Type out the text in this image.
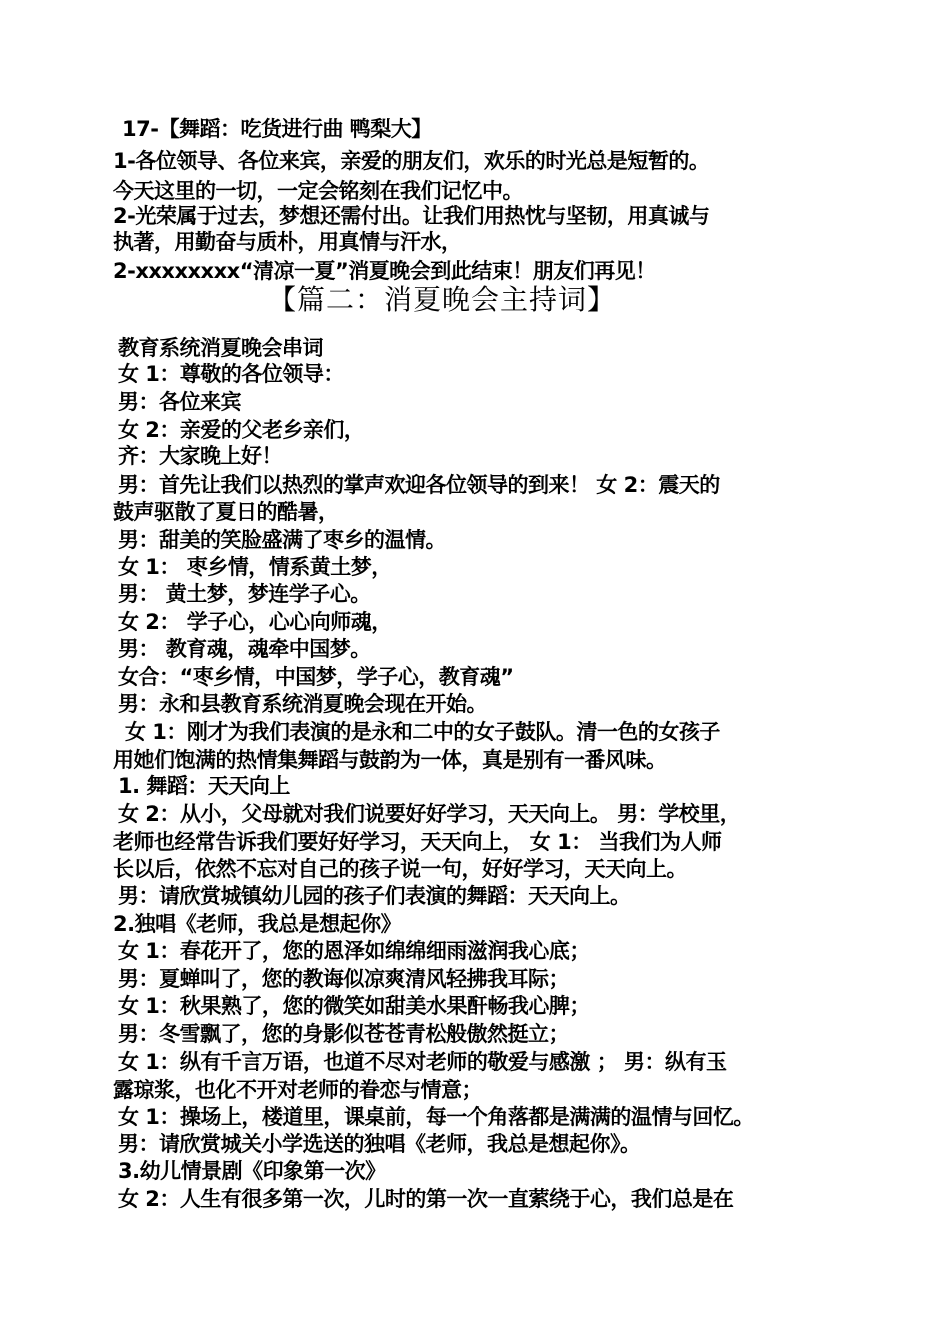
17-【舞蹈：吃货进行曲 鸭梨大】
1-各位领导、各位来宾，亲爱的朋友们，欢乐的时光总是短暂的。
今天这里的一切，一定会铭刻在我们记忆中。
2-光荣属于过去，梦想还需付出。让我们用热忱与坚韧，用真诚与
执著，用勤奋与质朴，用真情与汗水，
2-xxxxxxxx“清凉一夏”消夏晚会到此结束！朋友们再见！
【篇二：消夏晚会主持词】
教育系统消夏晚会串词
女 1：尊敬的各位领导：
男：各位来宾
女 2：亲爱的父老乡亲们，
齐：大家晚上好！
男：首先让我们以热烈的掌声欢迎各位领导的到来！ 女 2：震天的
鼓声驱散了夏日的酷暑，
男：甜美的笑脸盛满了枣乡的温情。
女 1： 枣乡情，情系黄土梦，
男： 黄土梦，梦连学子心。
女 2： 学子心，心心向师魂，
男： 教育魂，魂牵中国梦。
女合：“枣乡情，中国梦，学子心，教育魂”
男：永和县教育系统消夏晚会现在开始。
女 1：刚才为我们表演的是永和二中的女子鼓队。清一色的女孩子
用她们饱满的热情集舞蹈与鼓韵为一体，真是别有一番风味。
1. 舞蹈：天天向上
女 2：从小，父母就对我们说要好好学习，天天向上。 男：学校里，
老师也经常告诉我们要好好学习，天天向上， 女 1： 当我们为人师
长以后，依然不忘对自己的孩子说一句，好好学习，天天向上。
男：请欣赏城镇幼儿园的孩子们表演的舞蹈：天天向上。
2.独唱《老师，我总是想起你》
女 1：春花开了，您的恩泽如绵绵细雨滋润我心底；
男：夏蝉叫了，您的教诲似凉爽清风轻拂我耳际；
女 1：秋果熟了，您的微笑如甜美水果酐畅我心脾；
男：冬雪飘了，您的身影似苍苍青松般傲然挺立；
女 1：纵有千言万语，也道不尽对老师的敬爱与感激 ； 男：纵有玉
露琼浆，也化不开对老师的眷恋与情意；
女 1：操场上，楼道里，课桌前，每一个角落都是满满的温情与回忆。
男：请欣赏城关小学选送的独唱《老师，我总是想起你》。
3.幼儿情景剧《印象第一次》
女 2：人生有很多第一次，儿时的第一次一直萦绕于心，我们总是在
